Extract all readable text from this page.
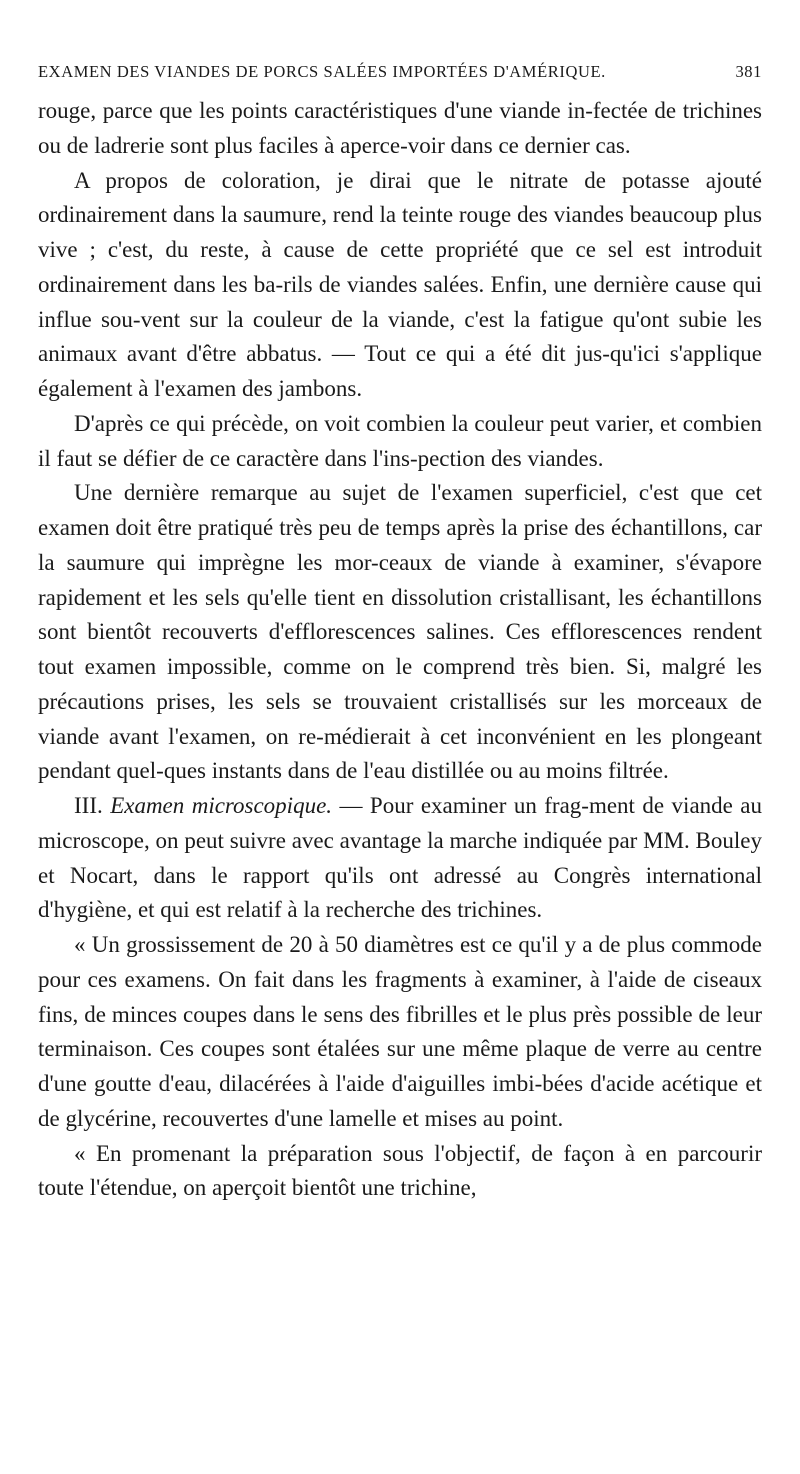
EXAMEN DES VIANDES DE PORCS SALÉES IMPORTÉES D'AMÉRIQUE.	381

rouge, parce que les points caractéristiques d'une viande in-fectée de trichines ou de ladrerie sont plus faciles à aperce-voir dans ce dernier cas.

A propos de coloration, je dirai que le nitrate de potasse ajouté ordinairement dans la saumure, rend la teinte rouge des viandes beaucoup plus vive ; c'est, du reste, à cause de cette propriété que ce sel est introduit ordinairement dans les ba-rils de viandes salées. Enfin, une dernière cause qui influe sou-vent sur la couleur de la viande, c'est la fatigue qu'ont subie les animaux avant d'être abbatus. — Tout ce qui a été dit jus-qu'ici s'applique également à l'examen des jambons.

D'après ce qui précède, on voit combien la couleur peut varier, et combien il faut se défier de ce caractère dans l'ins-pection des viandes.

Une dernière remarque au sujet de l'examen superficiel, c'est que cet examen doit être pratiqué très peu de temps après la prise des échantillons, car la saumure qui imprègne les mor-ceaux de viande à examiner, s'évapore rapidement et les sels qu'elle tient en dissolution cristallisant, les échantillons sont bientôt recouverts d'efflorescences salines. Ces efflorescences rendent tout examen impossible, comme on le comprend très bien. Si, malgré les précautions prises, les sels se trouvaient cristallisés sur les morceaux de viande avant l'examen, on re-médierait à cet inconvénient en les plongeant pendant quel-ques instants dans de l'eau distillée ou au moins filtrée.

III. Examen microscopique. — Pour examiner un frag-ment de viande au microscope, on peut suivre avec avantage la marche indiquée par MM. Bouley et Nocart, dans le rapport qu'ils ont adressé au Congrès international d'hygiène, et qui est relatif à la recherche des trichines.

« Un grossissement de 20 à 50 diamètres est ce qu'il y a de plus commode pour ces examens. On fait dans les fragments à examiner, à l'aide de ciseaux fins, de minces coupes dans le sens des fibrilles et le plus près possible de leur terminaison. Ces coupes sont étalées sur une même plaque de verre au centre d'une goutte d'eau, dilacérées à l'aide d'aiguilles imbi-bées d'acide acétique et de glycérine, recouvertes d'une lamelle et mises au point.

« En promenant la préparation sous l'objectif, de façon à en parcourir toute l'étendue, on aperçoit bientôt une trichine,
